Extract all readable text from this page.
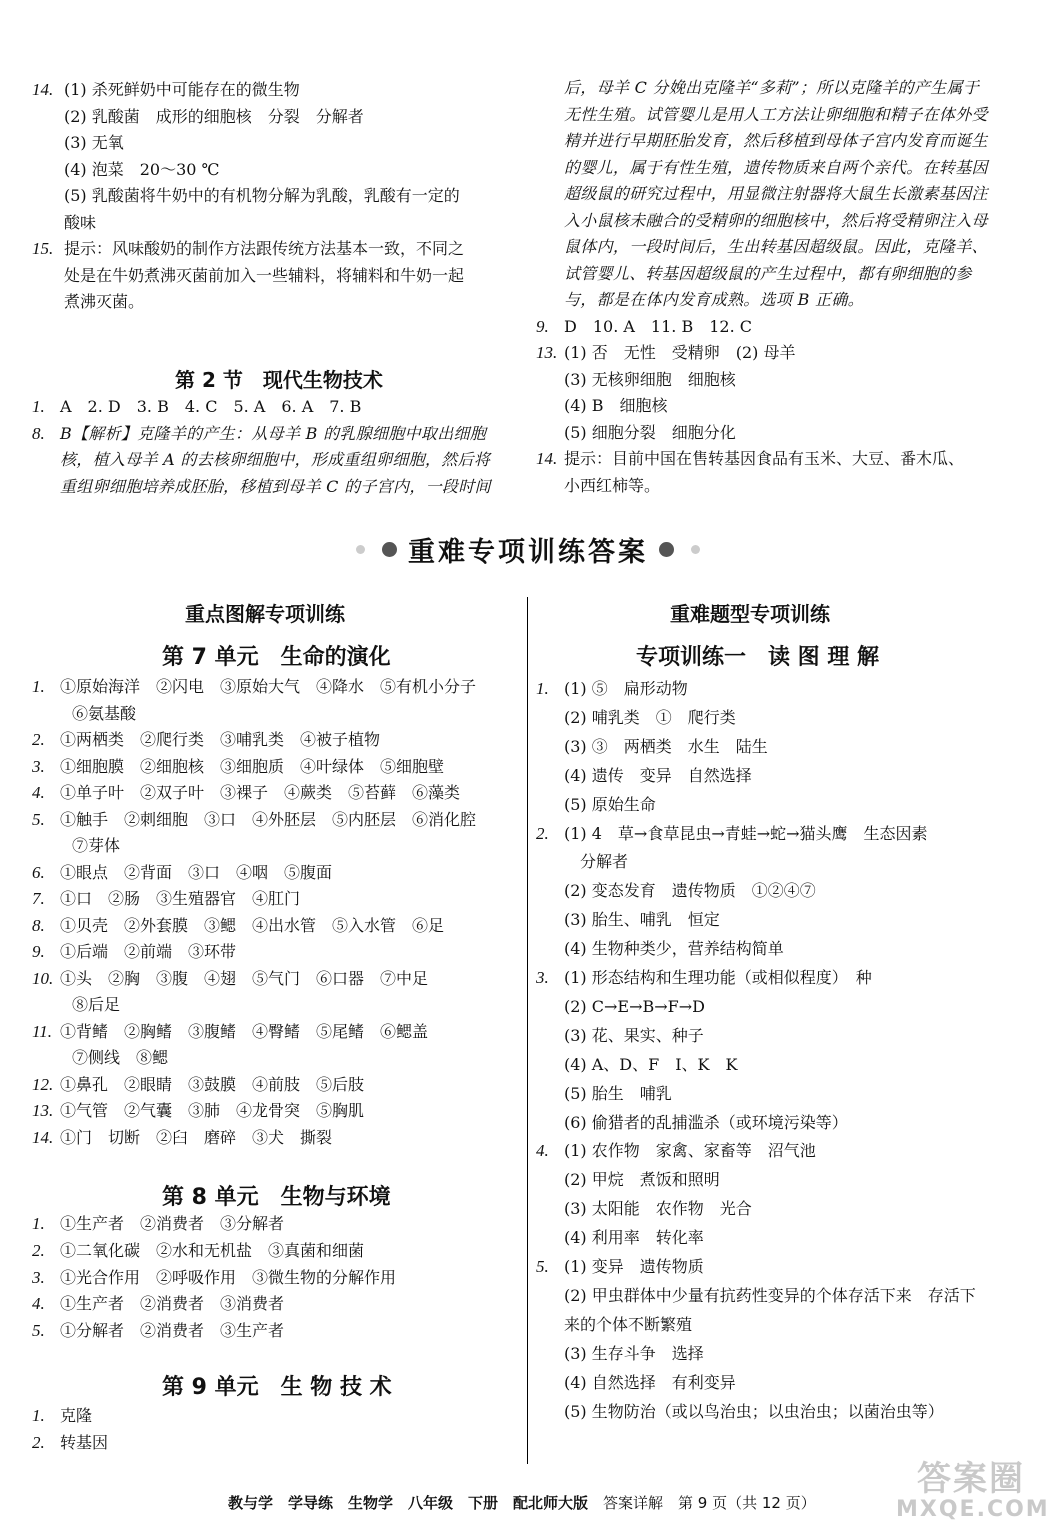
第 2 节　现代生物技术
重难专项训练答案
重点图解专项训练
第 7 单元　生命的演化
第 8 单元　生物与环境
第 9 单元　生 物 技 术
重难题型专项训练
专项训练一　读 图 理 解
教与学　学导练　生物学　八年级　下册　配北师大版　答案详解　第 9 页（共 12 页）
答案圈
MXQE.COM
14. (1) 杀死鲜奶中可能存在的微生物
(2) 乳酸菌　成形的细胞核　分裂　分解者
(3) 无氧
(4) 泡菜　20～30 ℃
(5) 乳酸菌将牛奶中的有机物分解为乳酸，乳酸有一定的
酸味
15. 提示：风味酸奶的制作方法跟传统方法基本一致，不同之
处是在牛奶煮沸灭菌前加入一些辅料，将辅料和牛奶一起
煮沸灭菌。
1. A　2. D　3. B　4. C　5. A　6. A　7. B
8. B【解析】克隆羊的产生：从母羊 B 的乳腺细胞中取出细胞
核，植入母羊 A 的去核卵细胞中，形成重组卵细胞，然后将
重组卵细胞培养成胚胎，移植到母羊 C 的子宫内，一段时间
后，母羊 C 分娩出克隆羊“多莉”；所以克隆羊的产生属于
无性生殖。试管婴儿是用人工方法让卵细胞和精子在体外受
精并进行早期胚胎发育，然后移植到母体子宫内发育而诞生
的婴儿，属于有性生殖，遗传物质来自两个亲代。在转基因
超级鼠的研究过程中，用显微注射器将大鼠生长激素基因注
入小鼠核未融合的受精卵的细胞核中，然后将受精卵注入母
鼠体内，一段时间后，生出转基因超级鼠。因此，克隆羊、
试管婴儿、转基因超级鼠的产生过程中，都有卵细胞的参
与，都是在体内发育成熟。选项 B 正确。
9. D　10. A　11. B　12. C
13. (1) 否　无性　受精卵　(2) 母羊
(3) 无核卵细胞　细胞核
(4) B　细胞核
(5) 细胞分裂　细胞分化
14. 提示：目前中国在售转基因食品有玉米、大豆、番木瓜、
小西红柿等。
1. ①原始海洋　②闪电　③原始大气　④降水　⑤有机小分子
⑥氨基酸
2. ①两栖类　②爬行类　③哺乳类　④被子植物
3. ①细胞膜　②细胞核　③细胞质　④叶绿体　⑤细胞壁
4. ①单子叶　②双子叶　③裸子　④蕨类　⑤苔藓　⑥藻类
5. ①触手　②刺细胞　③口　④外胚层　⑤内胚层　⑥消化腔
⑦芽体
6. ①眼点　②背面　③口　④咽　⑤腹面
7. ①口　②肠　③生殖器官　④肛门
8. ①贝壳　②外套膜　③鳃　④出水管　⑤入水管　⑥足
9. ①后端　②前端　③环带
10. ①头　②胸　③腹　④翅　⑤气门　⑥口器　⑦中足
⑧后足
11. ①背鳍　②胸鳍　③腹鳍　④臀鳍　⑤尾鳍　⑥鳃盖
⑦侧线　⑧鳃
12. ①鼻孔　②眼睛　③鼓膜　④前肢　⑤后肢
13. ①气管　②气囊　③肺　④龙骨突　⑤胸肌
14. ①门　切断　②臼　磨碎　③犬　撕裂
1. ①生产者　②消费者　③分解者
2. ①二氧化碳　②水和无机盐　③真菌和细菌
3. ①光合作用　②呼吸作用　③微生物的分解作用
4. ①生产者　②消费者　③消费者
5. ①分解者　②消费者　③生产者
1. 克隆
2. 转基因
1. (1) ⑤　扁形动物
(2) 哺乳类　①　爬行类
(3) ③　两栖类　水生　陆生
(4) 遗传　变异　自然选择
(5) 原始生命
2. (1) 4　草→食草昆虫→青蛙→蛇→猫头鹰　生态因素
　分解者
(2) 变态发育　遗传物质　①②④⑦
(3) 胎生、哺乳　恒定
(4) 生物种类少，营养结构简单
3. (1) 形态结构和生理功能（或相似程度）　种
(2) C→E→B→F→D
(3) 花、果实、种子
(4) A、D、F　I、K　K
(5) 胎生　哺乳
(6) 偷猎者的乱捕滥杀（或环境污染等）
4. (1) 农作物　家禽、家畜等　沼气池
(2) 甲烷　煮饭和照明
(3) 太阳能　农作物　光合
(4) 利用率　转化率
5. (1) 变异　遗传物质
(2) 甲虫群体中少量有抗药性变异的个体存活下来　存活下
来的个体不断繁殖
(3) 生存斗争　选择
(4) 自然选择　有利变异
(5) 生物防治（或以鸟治虫；以虫治虫；以菌治虫等）
